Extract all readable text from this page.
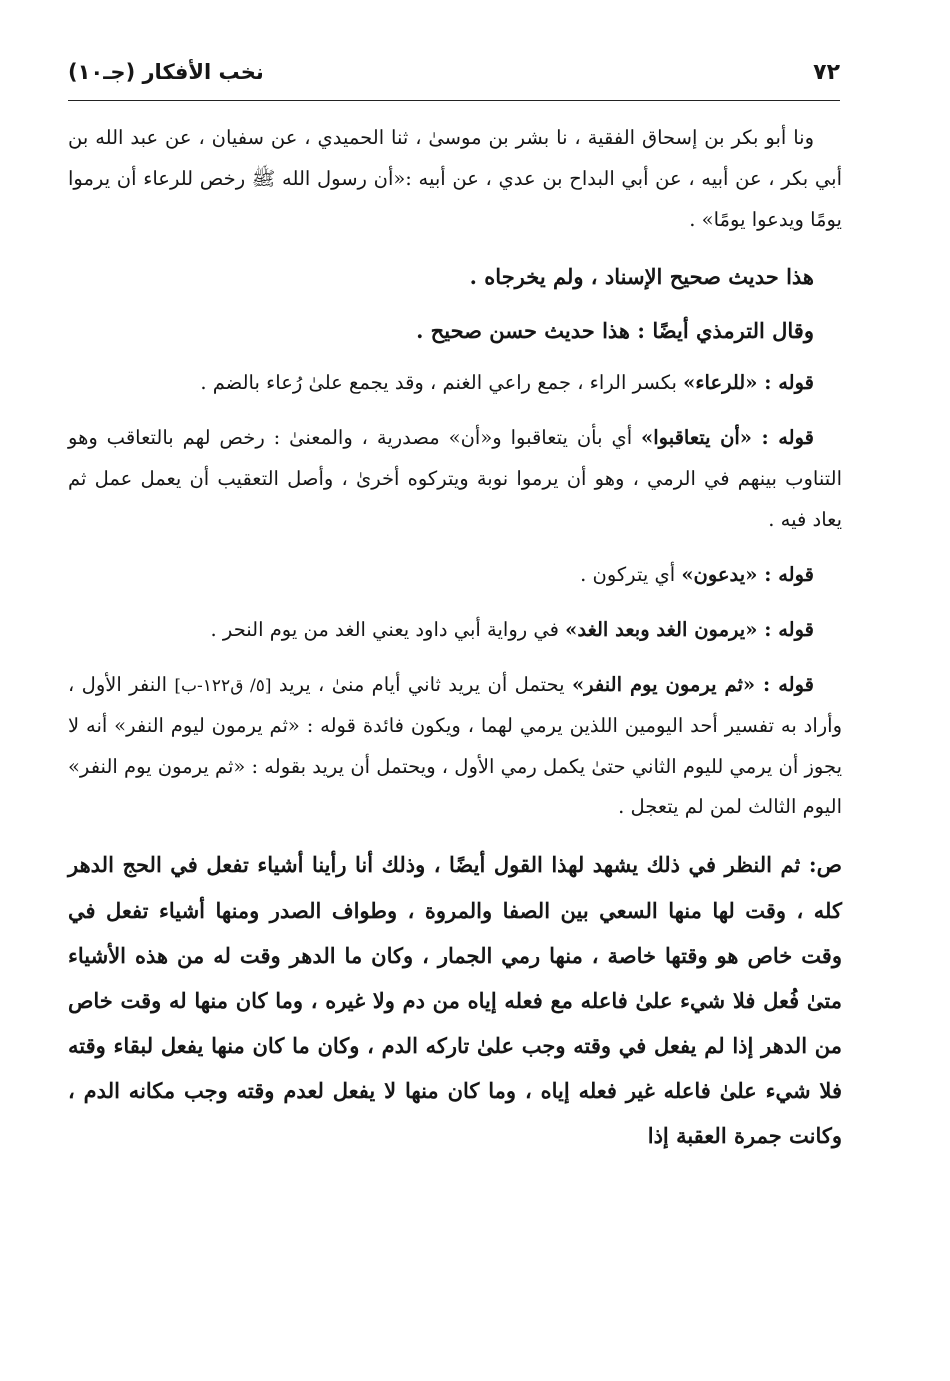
٧٢
نخب الأفكار (جـ١٠)

ونا أبو بكر بن إسحاق الفقية ، نا بشر بن موسىٰ ، ثنا الحميدي ، عن سفيان ، عن عبد الله بن أبي بكر ، عن أبيه ، عن أبي البداح بن عدي ، عن أبيه :«أن رسول الله ﷺ رخص للرعاء أن يرموا يومًا ويدعوا يومًا» .

هذا حديث صحيح الإسناد ، ولم يخرجاه .

وقال الترمذي أيضًا : هذا حديث حسن صحيح .

قوله : «للرعاء» بكسر الراء ، جمع راعي الغنم ، وقد يجمع علىٰ رُعاء بالضم .

قوله : «أن يتعاقبوا» أي بأن يتعاقبوا و«أن» مصدرية ، والمعنىٰ : رخص لهم بالتعاقب وهو التناوب بينهم في الرمي ، وهو أن يرموا نوبة ويتركوه أخرىٰ ، وأصل التعقيب أن يعمل عمل ثم يعاد فيه .

قوله : «يدعون» أي يتركون .

قوله : «يرمون الغد وبعد الغد» في رواية أبي داود يعني الغد من يوم النحر .

قوله : «ثم يرمون يوم النفر» يحتمل أن يريد ثاني أيام منىٰ ، يريد [٥/ ق١٢٢-ب] النفر الأول ، وأراد به تفسير أحد اليومين اللذين يرمي لهما ، ويكون فائدة قوله : «ثم يرمون ليوم النفر» أنه لا يجوز أن يرمي لليوم الثاني حتىٰ يكمل رمي الأول ، ويحتمل أن يريد بقوله : «ثم يرمون يوم النفر» اليوم الثالث لمن لم يتعجل .

ص: ثم النظر في ذلك يشهد لهذا القول أيضًا ، وذلك أنا رأينا أشياء تفعل في الحج الدهر كله ، وقت لها منها السعي بين الصفا والمروة ، وطواف الصدر ومنها أشياء تفعل في وقت خاص هو وقتها خاصة ، منها رمي الجمار ، وكان ما الدهر وقت له من هذه الأشياء متىٰ فُعل فلا شيء علىٰ فاعله مع فعله إياه من دم ولا غيره ، وما كان منها له وقت خاص من الدهر إذا لم يفعل في وقته وجب علىٰ تاركه الدم ، وكان ما كان منها يفعل لبقاء وقته فلا شيء علىٰ فاعله غير فعله إياه ، وما كان منها لا يفعل لعدم وقته وجب مكانه الدم ، وكانت جمرة العقبة إذا
